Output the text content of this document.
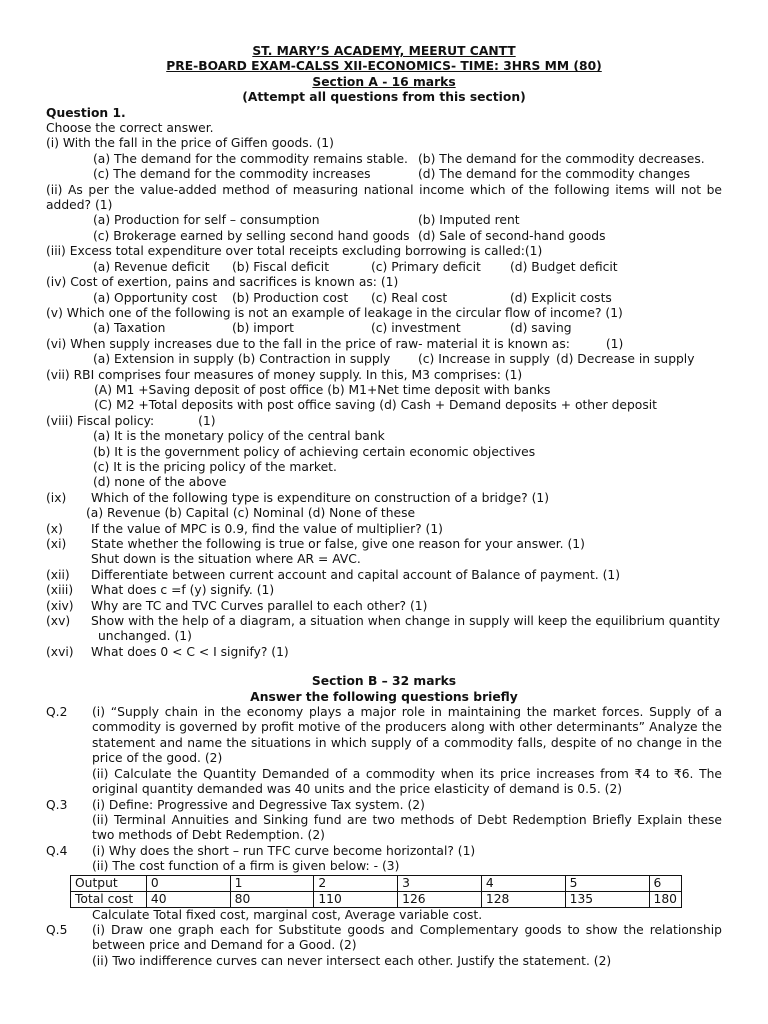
ST. MARY’S ACADEMY, MEERUT CANTT
PRE-BOARD EXAM-CALSS XII-ECONOMICS- TIME: 3HRS MM (80)
Section A - 16 marks
(Attempt all questions from this section)
Question 1.
Choose the correct answer.
(i) With the fall in the price of Giffen goods. (1)
(a) The demand for the commodity remains stable. (b) The demand for the commodity decreases.
(c) The demand for the commodity increases	(d) The demand for the commodity changes
(ii) As per the value-added method of measuring national income which of the following items will not be added? (1)
(a) Production for self – consumption	(b) Imputed rent
(c) Brokerage earned by selling second hand goods (d) Sale of second-hand goods
(iii) Excess total expenditure over total receipts excluding borrowing is called:(1)
(a) Revenue deficit	(b) Fiscal deficit	(c) Primary deficit	(d) Budget deficit
(iv) Cost of exertion, pains and sacrifices is known as: (1)
(a) Opportunity cost	(b) Production cost	(c) Real cost	(d) Explicit costs
(v) Which one of the following is not an example of leakage in the circular flow of income? (1)
(a) Taxation	(b) import	(c) investment	(d) saving
(vi) When supply increases due to the fall in the price of raw- material it is known as:	(1)
(a) Extension in supply (b) Contraction in supply	(c) Increase in supply (d) Decrease in supply
(vii) RBI comprises four measures of money supply. In this, M3 comprises: (1)
(A) M1 +Saving deposit of post office (b) M1+Net time deposit with banks
(C) M2 +Total deposits with post office saving (d) Cash + Demand deposits + other deposit
(viii) Fiscal policy:	(1)
(a) It is the monetary policy of the central bank
(b) It is the government policy of achieving certain economic objectives
(c) It is the pricing policy of the market.
(d) none of the above
(ix)	Which of the following type is expenditure on construction of a bridge? (1)
(a) Revenue (b) Capital (c) Nominal (d) None of these
(x)	If the value of MPC is 0.9, find the value of multiplier? (1)
(xi)	State whether the following is true or false, give one reason for your answer. (1)
Shut down is the situation where AR = AVC.
(xii)	Differentiate between current account and capital account of Balance of payment. (1)
(xiii)	What does c =f (y) signify. (1)
(xiv)	Why are TC and TVC Curves parallel to each other? (1)
(xv)	Show with the help of a diagram, a situation when change in supply will keep the equilibrium quantity
unchanged. (1)
(xvi)	What does 0 < C < I signify? (1)
Section B – 32 marks
Answer the following questions briefly
Q.2	(i) “Supply chain in the economy plays a major role in maintaining the market forces. Supply of a commodity is governed by profit motive of the producers along with other determinants” Analyze the statement and name the situations in which supply of a commodity falls, despite of no change in the price of the good. (2)
(ii) Calculate the Quantity Demanded of a commodity when its price increases from ₹4 to ₹6. The original quantity demanded was 40 units and the price elasticity of demand is 0.5. (2)
Q.3	(i) Define: Progressive and Degressive Tax system. (2)
(ii) Terminal Annuities and Sinking fund are two methods of Debt Redemption Briefly Explain these two methods of Debt Redemption. (2)
Q.4	(i) Why does the short – run TFC curve become horizontal? (1)
(ii) The cost function of a firm is given below: - (3)
Output	0	1	2	3	4	5	6
Total cost	40	80	110	126	128	135	180
Calculate Total fixed cost, marginal cost, Average variable cost.
Q.5	(i) Draw one graph each for Substitute goods and Complementary goods to show the relationship between price and Demand for a Good. (2)
(ii) Two indifference curves can never intersect each other. Justify the statement. (2)
